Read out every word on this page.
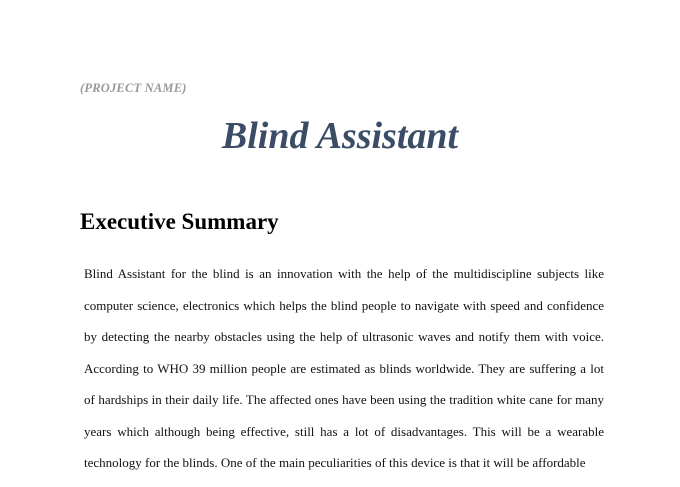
(PROJECT NAME)
Blind Assistant
Executive Summary
Blind Assistant for the blind is an innovation with the help of the multidiscipline subjects like
computer science, electronics which helps the blind people to navigate with speed and confidence
by detecting the nearby obstacles using the help of ultrasonic waves and notify them with voice.
According to WHO 39 million people are estimated as blinds worldwide. They are suffering a lot
of hardships in their daily life. The affected ones have been using the tradition white cane for many
years which although being effective, still has a lot of disadvantages. This will be a wearable
technology for the blinds. One of the main peculiarities of this device is that it will be affordable
